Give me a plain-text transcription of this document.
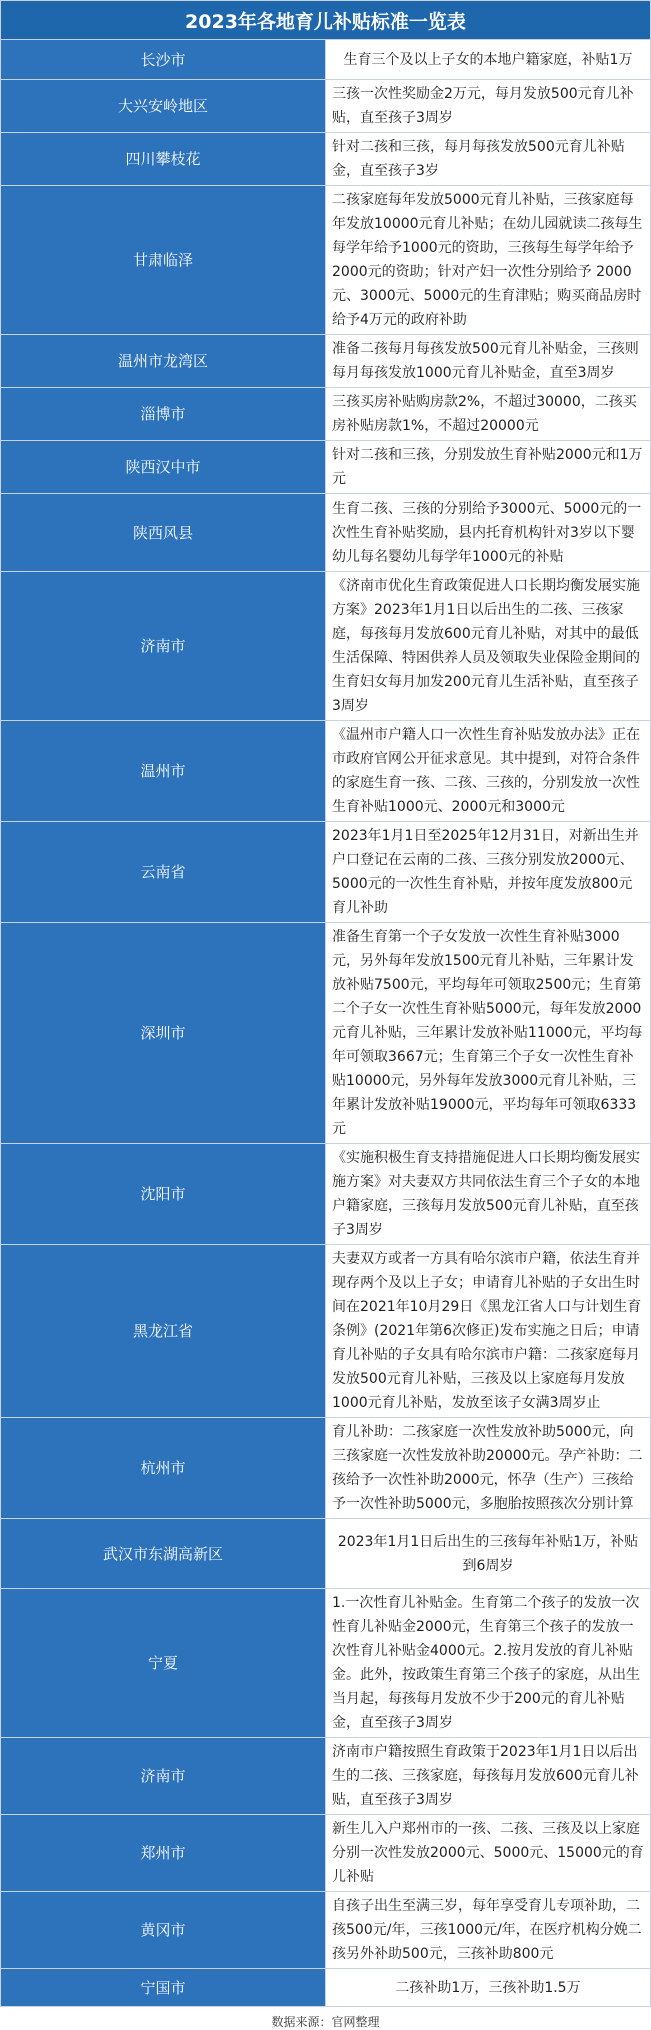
2023年各地育儿补贴标准一览表	
长沙市	生育三个及以上子女的本地户籍家庭，补贴1万
大兴安岭地区	三孩一次性奖励金2万元，每月发放500元育儿补贴，直至孩子3周岁
四川攀枝花	针对二孩和三孩，每月每孩发放500元育儿补贴金，直至孩子3岁
甘肃临泽	二孩家庭每年发放5000元育儿补贴，三孩家庭每年发放10000元育儿补贴；在幼儿园就读二孩每生每学年给予1000元的资助，三孩每生每学年给予2000元的资助；针对产妇一次性分别给予 2000元、3000元、5000元的生育津贴；购买商品房时给予4万元的政府补助
温州市龙湾区	准备二孩每月每孩发放500元育儿补贴金，三孩则每月每孩发放1000元育儿补贴金，直至3周岁
淄博市	三孩买房补贴购房款2%，不超过30000，二孩买房补贴房款1%，不超过20000元
陕西汉中市	针对二孩和三孩，分别发放生育补贴2000元和1万元
陕西风县	生育二孩、三孩的分别给予3000元、5000元的一次性生育补贴奖励，县内托育机构针对3岁以下婴幼儿每名婴幼儿每学年1000元的补贴
济南市	《济南市优化生育政策促进人口长期均衡发展实施方案》2023年1月1日以后出生的二孩、三孩家庭，每孩每月发放600元育儿补贴，对其中的最低生活保障、特困供养人员及领取失业保险金期间的生育妇女每月加发200元育儿生活补贴，直至孩子3周岁
温州市	《温州市户籍人口一次性生育补贴发放办法》正在市政府官网公开征求意见。其中提到，对符合条件的家庭生育一孩、二孩、三孩的，分别发放一次性生育补贴1000元、2000元和3000元
云南省	2023年1月1日至2025年12月31日，对新出生并户口登记在云南的二孩、三孩分别发放2000元、5000元的一次性生育补贴，并按年度发放800元育儿补助
深圳市	准备生育第一个子女发放一次性生育补贴3000元，另外每年发放1500元育儿补贴，三年累计发放补贴7500元，平均每年可领取2500元；生育第二个子女一次性生育补贴5000元，每年发放2000元育儿补贴，三年累计发放补贴11000元，平均每年可领取3667元；生育第三个子女一次性生育补贴10000元，另外每年发放3000元育儿补贴，三年累计发放补贴19000元，平均每年可领取6333元
沈阳市	《实施积极生育支持措施促进人口长期均衡发展实施方案》对夫妻双方共同依法生育三个子女的本地户籍家庭，三孩每月发放500元育儿补贴，直至孩子3周岁
黑龙江省	夫妻双方或者一方具有哈尔滨市户籍，依法生育并现存两个及以上子女；申请育儿补贴的子女出生时间在2021年10月29日《黑龙江省人口与计划生育条例》(2021年第6次修正)发布实施之日后；申请育儿补贴的子女具有哈尔滨市户籍：二孩家庭每月发放500元育儿补贴，三孩及以上家庭每月发放1000元育儿补贴，发放至该子女满3周岁止
杭州市	育儿补助：二孩家庭一次性发放补助5000元，向三孩家庭一次性发放补助20000元。孕产补助：二孩给予一次性补助2000元，怀孕（生产）三孩给予一次性补助5000元，多胞胎按照孩次分别计算
武汉市东湖高新区	2023年1月1日后出生的三孩每年补贴1万，补贴到6周岁
宁夏	1.一次性育儿补贴金。生育第二个孩子的发放一次性育儿补贴金2000元，生育第三个孩子的发放一次性育儿补贴金4000元。2.按月发放的育儿补贴金。此外，按政策生育第三个孩子的家庭，从出生当月起，每孩每月发放不少于200元的育儿补贴金，直至孩子3周岁
济南市	济南市户籍按照生育政策于2023年1月1日以后出生的二孩、三孩家庭，每孩每月发放600元育儿补贴，直至孩子3周岁
郑州市	新生儿入户郑州市的一孩、二孩、三孩及以上家庭分别一次性发放2000元、5000元、15000元的育儿补贴
黄冈市	自孩子出生至满三岁，每年享受育儿专项补助，二孩500元/年，三孩1000元/年，在医疗机构分娩二孩另外补助500元，三孩补助800元
宁国市	二孩补助1万，三孩补助1.5万
数据来源：官网整理
